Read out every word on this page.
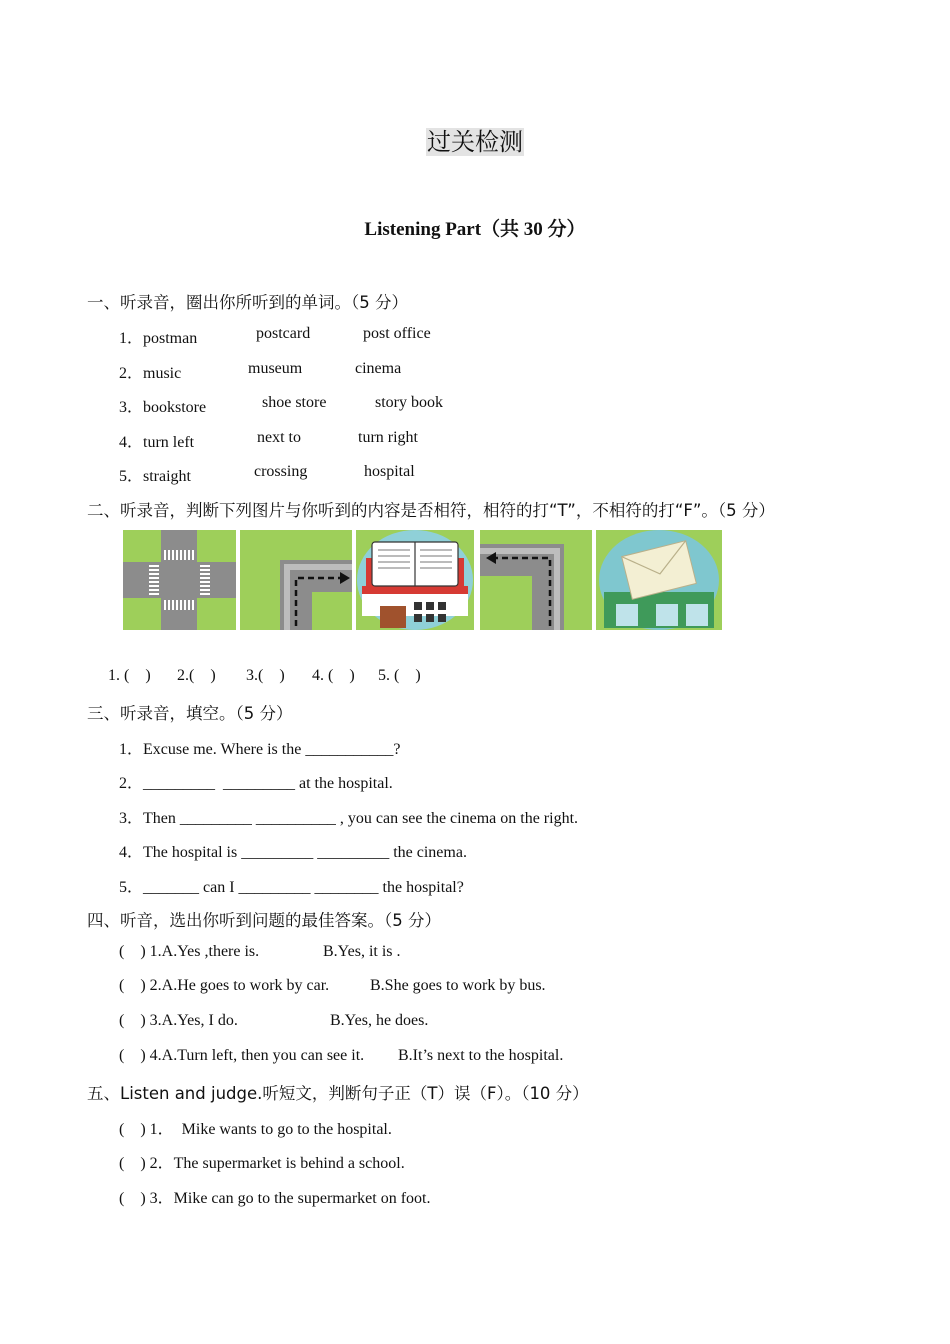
过关检测
Listening Part（共 30 分）
一、听录音，圈出你所听到的单词。（5 分）
1．postman	postcard	post office
2．music	museum	cinema
3．bookstore	shoe store	story book
4．turn left	next to	turn right
5．straight	crossing	hospital
二、听录音，判断下列图片与你听到的内容是否相符，相符的打“T”，不相符的打“F”。（5 分）
1. (    ) 2.(    ) 3.(    ) 4. (    ) 5. (    )
三、听录音，填空。（5 分）
1．Excuse me. Where is the ___________?
2．_________  _________ at the hospital.
3．Then _________ __________ , you can see the cinema on the right.
4．The hospital is _________ _________ the cinema.
5．_______ can I _________ ________ the hospital?
四、听音，选出你听到问题的最佳答案。（5 分）
(    ) 1.A.Yes ,there is.	B.Yes, it is .
(    ) 2.A.He goes to work by car.	B.She goes to work by bus.
(    ) 3.A.Yes, I do.	B.Yes, he does.
(    ) 4.A.Turn left, then you can see it. B.It’s next to the hospital.
五、Listen and judge.听短文，判断句子正（T）误（F）。（10 分）
(    ) 1．  Mike wants to go to the hospital.
(    ) 2．The supermarket is behind a school.
(    ) 3．Mike can go to the supermarket on foot.
